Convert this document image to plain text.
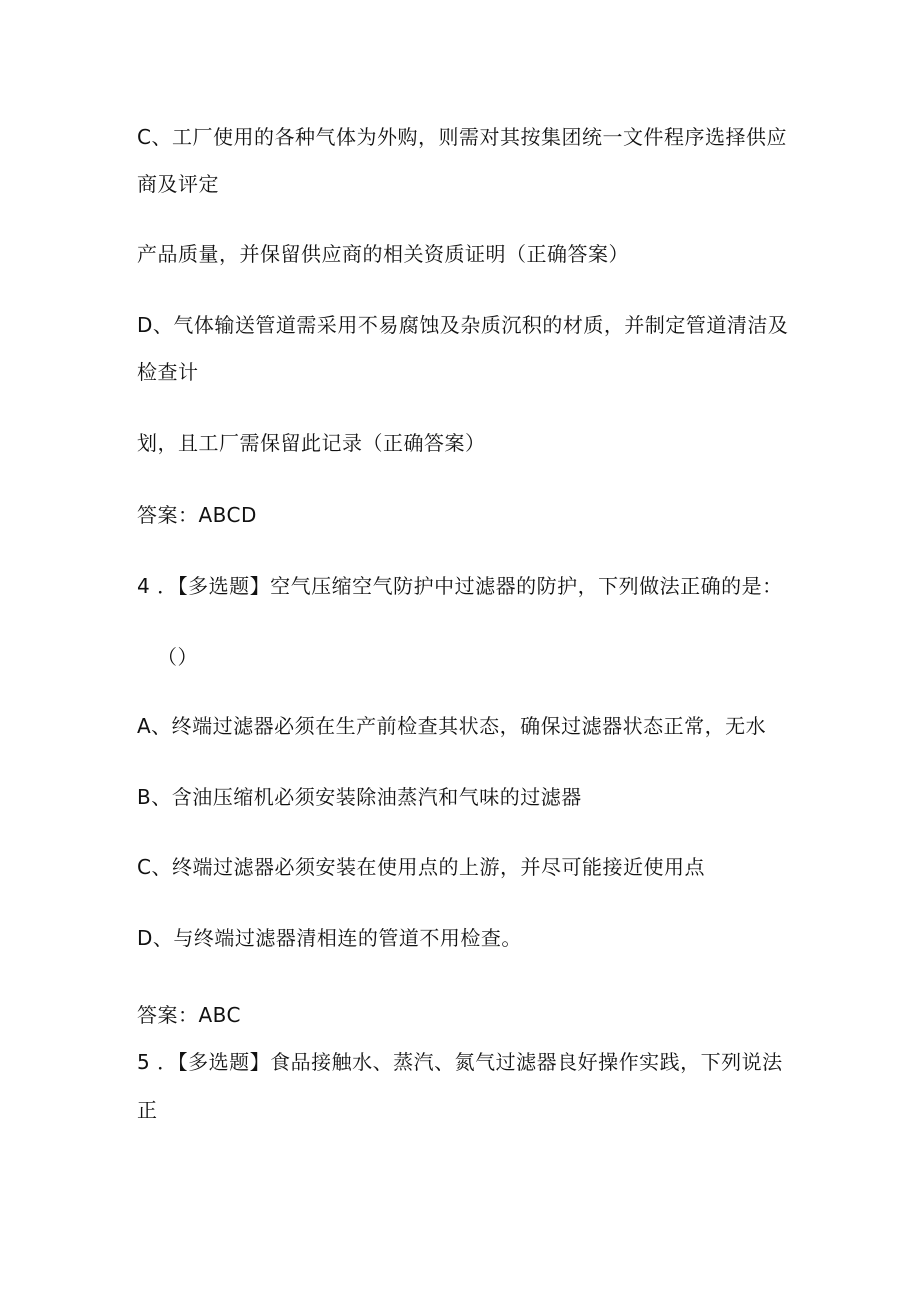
C、工厂使用的各种气体为外购，则需对其按集团统一文件程序选择供应
商及评定
产品质量，并保留供应商的相关资质证明（正确答案）
D、气体输送管道需采用不易腐蚀及杂质沉积的材质，并制定管道清洁及
检查计
划，且工厂需保留此记录（正确答案）
答案：ABCD
4 ．【多选题】空气压缩空气防护中过滤器的防护，下列做法正确的是：
（）
A、终端过滤器必须在生产前检查其状态，确保过滤器状态正常，无水
B、含油压缩机必须安装除油蒸汽和气味的过滤器
C、终端过滤器必须安装在使用点的上游，并尽可能接近使用点
D、与终端过滤器清相连的管道不用检查。
答案：ABC
5 ．【多选题】食品接触水、蒸汽、氮气过滤器良好操作实践，下列说法
正
